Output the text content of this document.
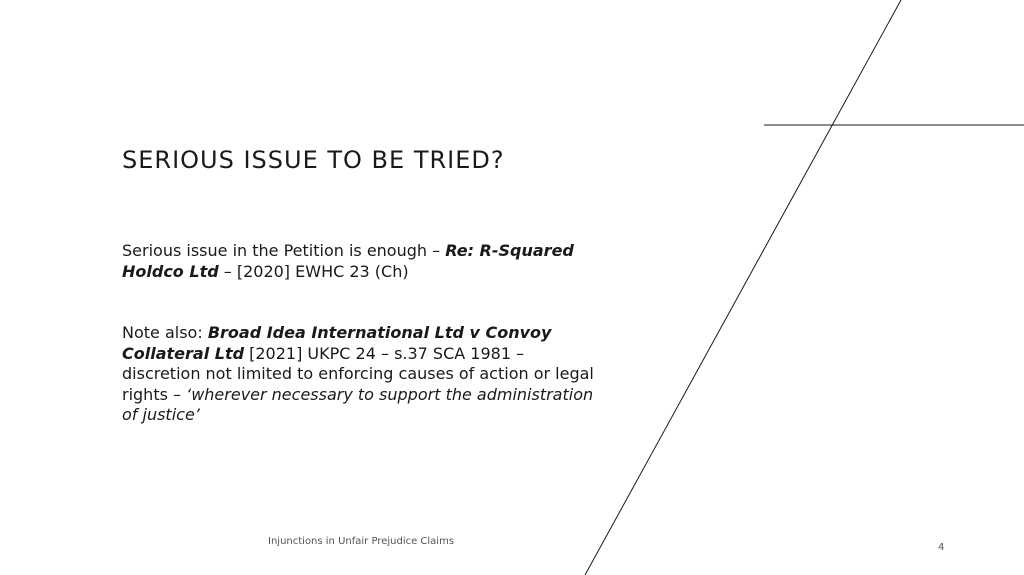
SERIOUS ISSUE TO BE TRIED?

Serious issue in the Petition is enough – Re: R-Squared Holdco Ltd – [2020] EWHC 23 (Ch)

Note also: Broad Idea International Ltd v Convoy Collateral Ltd [2021] UKPC 24 – s.37 SCA 1981 – discretion not limited to enforcing causes of action or legal rights – ‘wherever necessary to support the administration of justice’

Injunctions in Unfair Prejudice Claims
4
